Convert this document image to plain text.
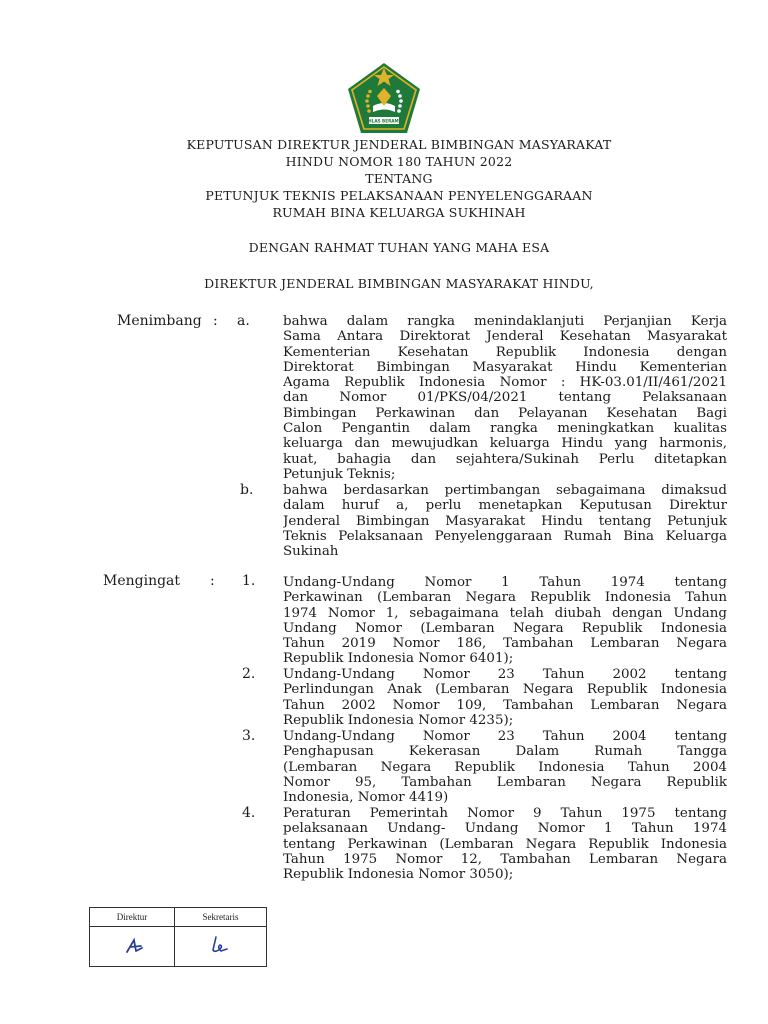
IKHLAS BERAMAL
KEPUTUSAN DIREKTUR JENDERAL BIMBINGAN MASYARAKAT
HINDU NOMOR 180 TAHUN 2022
TENTANG
PETUNJUK TEKNIS PELAKSANAAN PENYELENGGARAAN
RUMAH BINA KELUARGA SUKHINAH
DENGAN RAHMAT TUHAN YANG MAHA ESA
DIREKTUR JENDERAL BIMBINGAN MASYARAKAT HINDU,
Menimbang : a. bahwa dalam rangka menindaklanjuti Perjanjian Kerja
Sama Antara Direktorat Jenderal Kesehatan Masyarakat
Kementerian Kesehatan Republik Indonesia dengan
Direktorat Bimbingan Masyarakat Hindu Kementerian
Agama Republik Indonesia Nomor : HK-03.01/II/461/2021
dan Nomor 01/PKS/04/2021 tentang Pelaksanaan
Bimbingan Perkawinan dan Pelayanan Kesehatan Bagi
Calon Pengantin dalam rangka meningkatkan kualitas
keluarga dan mewujudkan keluarga Hindu yang harmonis,
kuat, bahagia dan sejahtera/Sukinah Perlu ditetapkan
Petunjuk Teknis;
b. bahwa berdasarkan pertimbangan sebagaimana dimaksud
dalam huruf a, perlu menetapkan Keputusan Direktur
Jenderal Bimbingan Masyarakat Hindu tentang Petunjuk
Teknis Pelaksanaan Penyelenggaraan Rumah Bina Keluarga
Sukinah
Mengingat : 1. Undang-Undang Nomor 1 Tahun 1974 tentang
Perkawinan (Lembaran Negara Republik Indonesia Tahun
1974 Nomor 1, sebagaimana telah diubah dengan Undang
Undang Nomor (Lembaran Negara Republik Indonesia
Tahun 2019 Nomor 186, Tambahan Lembaran Negara
Republik Indonesia Nomor 6401);
2. Undang-Undang Nomor 23 Tahun 2002 tentang
Perlindungan Anak (Lembaran Negara Republik Indonesia
Tahun 2002 Nomor 109, Tambahan Lembaran Negara
Republik Indonesia Nomor 4235);
3. Undang-Undang Nomor 23 Tahun 2004 tentang
Penghapusan Kekerasan Dalam Rumah Tangga
(Lembaran Negara Republik Indonesia Tahun 2004
Nomor 95, Tambahan Lembaran Negara Republik
Indonesia, Nomor 4419)
4. Peraturan Pemerintah Nomor 9 Tahun 1975 tentang
pelaksanaan Undang- Undang Nomor 1 Tahun 1974
tentang Perkawinan (Lembaran Negara Republik Indonesia
Tahun 1975 Nomor 12, Tambahan Lembaran Negara
Republik Indonesia Nomor 3050);
Direktur	Sekretaris
